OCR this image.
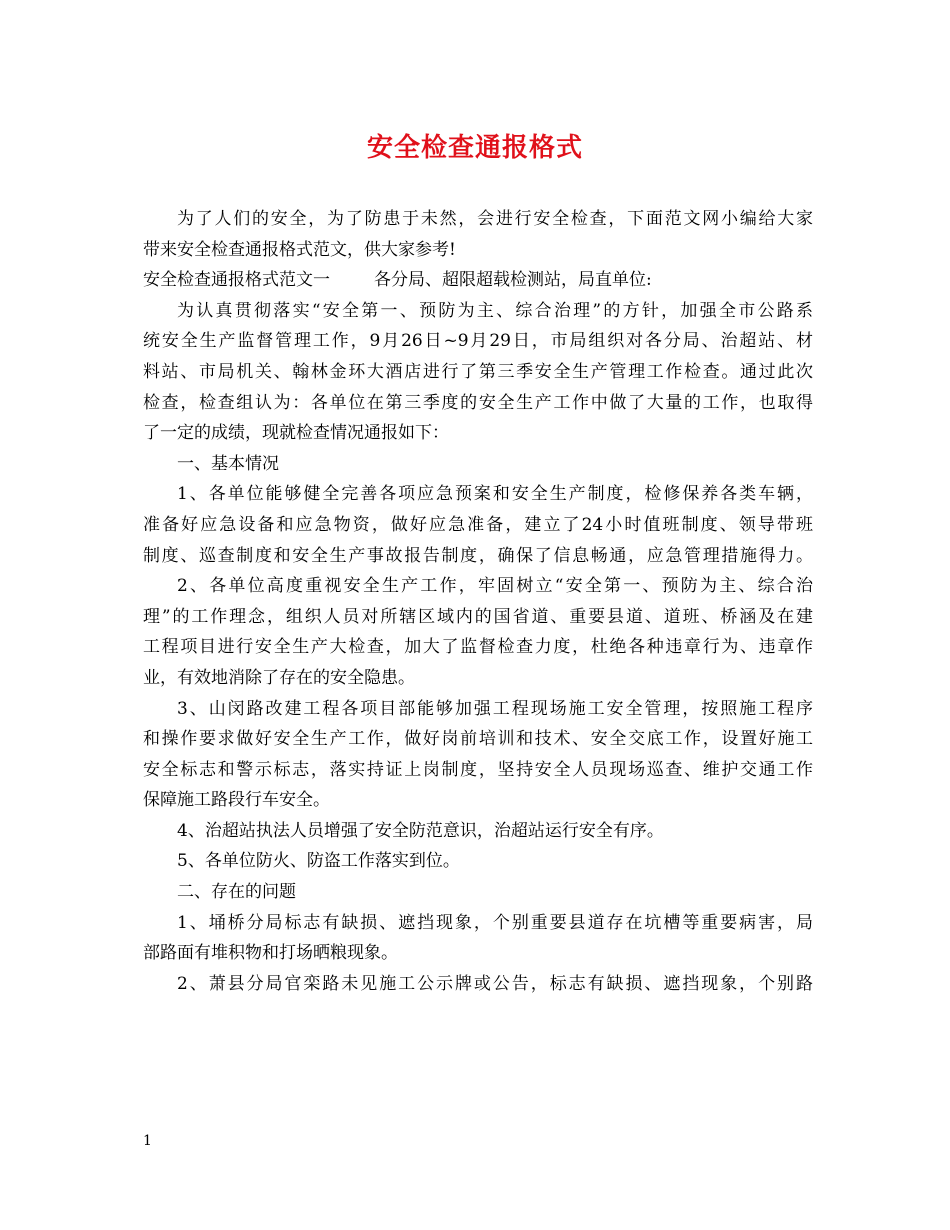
安全检查通报格式
为了人们的安全，为了防患于未然，会进行安全检查，下面范文网小编给大家
带来安全检查通报格式范文，供大家参考!
安全检查通报格式范文一	各分局、超限超载检测站，局直单位:
为认真贯彻落实“安全第一、预防为主、综合治理”的方针，加强全市公路系
统安全生产监督管理工作，9月26日~9月29日，市局组织对各分局、治超站、材
料站、市局机关、翰林金环大酒店进行了第三季安全生产管理工作检查。通过此次
检查，检查组认为：各单位在第三季度的安全生产工作中做了大量的工作，也取得
了一定的成绩，现就检查情况通报如下：
一、基本情况
1、各单位能够健全完善各项应急预案和安全生产制度，检修保养各类车辆，
准备好应急设备和应急物资，做好应急准备，建立了24小时值班制度、领导带班
制度、巡查制度和安全生产事故报告制度，确保了信息畅通，应急管理措施得力。
2、各单位高度重视安全生产工作，牢固树立“安全第一、预防为主、综合治
理”的工作理念，组织人员对所辖区域内的国省道、重要县道、道班、桥涵及在建
工程项目进行安全生产大检查，加大了监督检查力度，杜绝各种违章行为、违章作
业，有效地消除了存在的安全隐患。
3、山闵路改建工程各项目部能够加强工程现场施工安全管理，按照施工程序
和操作要求做好安全生产工作，做好岗前培训和技术、安全交底工作，设置好施工
安全标志和警示标志，落实持证上岗制度，坚持安全人员现场巡查、维护交通工作
保障施工路段行车安全。
4、治超站执法人员增强了安全防范意识，治超站运行安全有序。
5、各单位防火、防盗工作落实到位。
二、存在的问题
1、埇桥分局标志有缺损、遮挡现象，个别重要县道存在坑槽等重要病害，局
部路面有堆积物和打场晒粮现象。
2、萧县分局官栾路未见施工公示牌或公告，标志有缺损、遮挡现象，个别路
1
